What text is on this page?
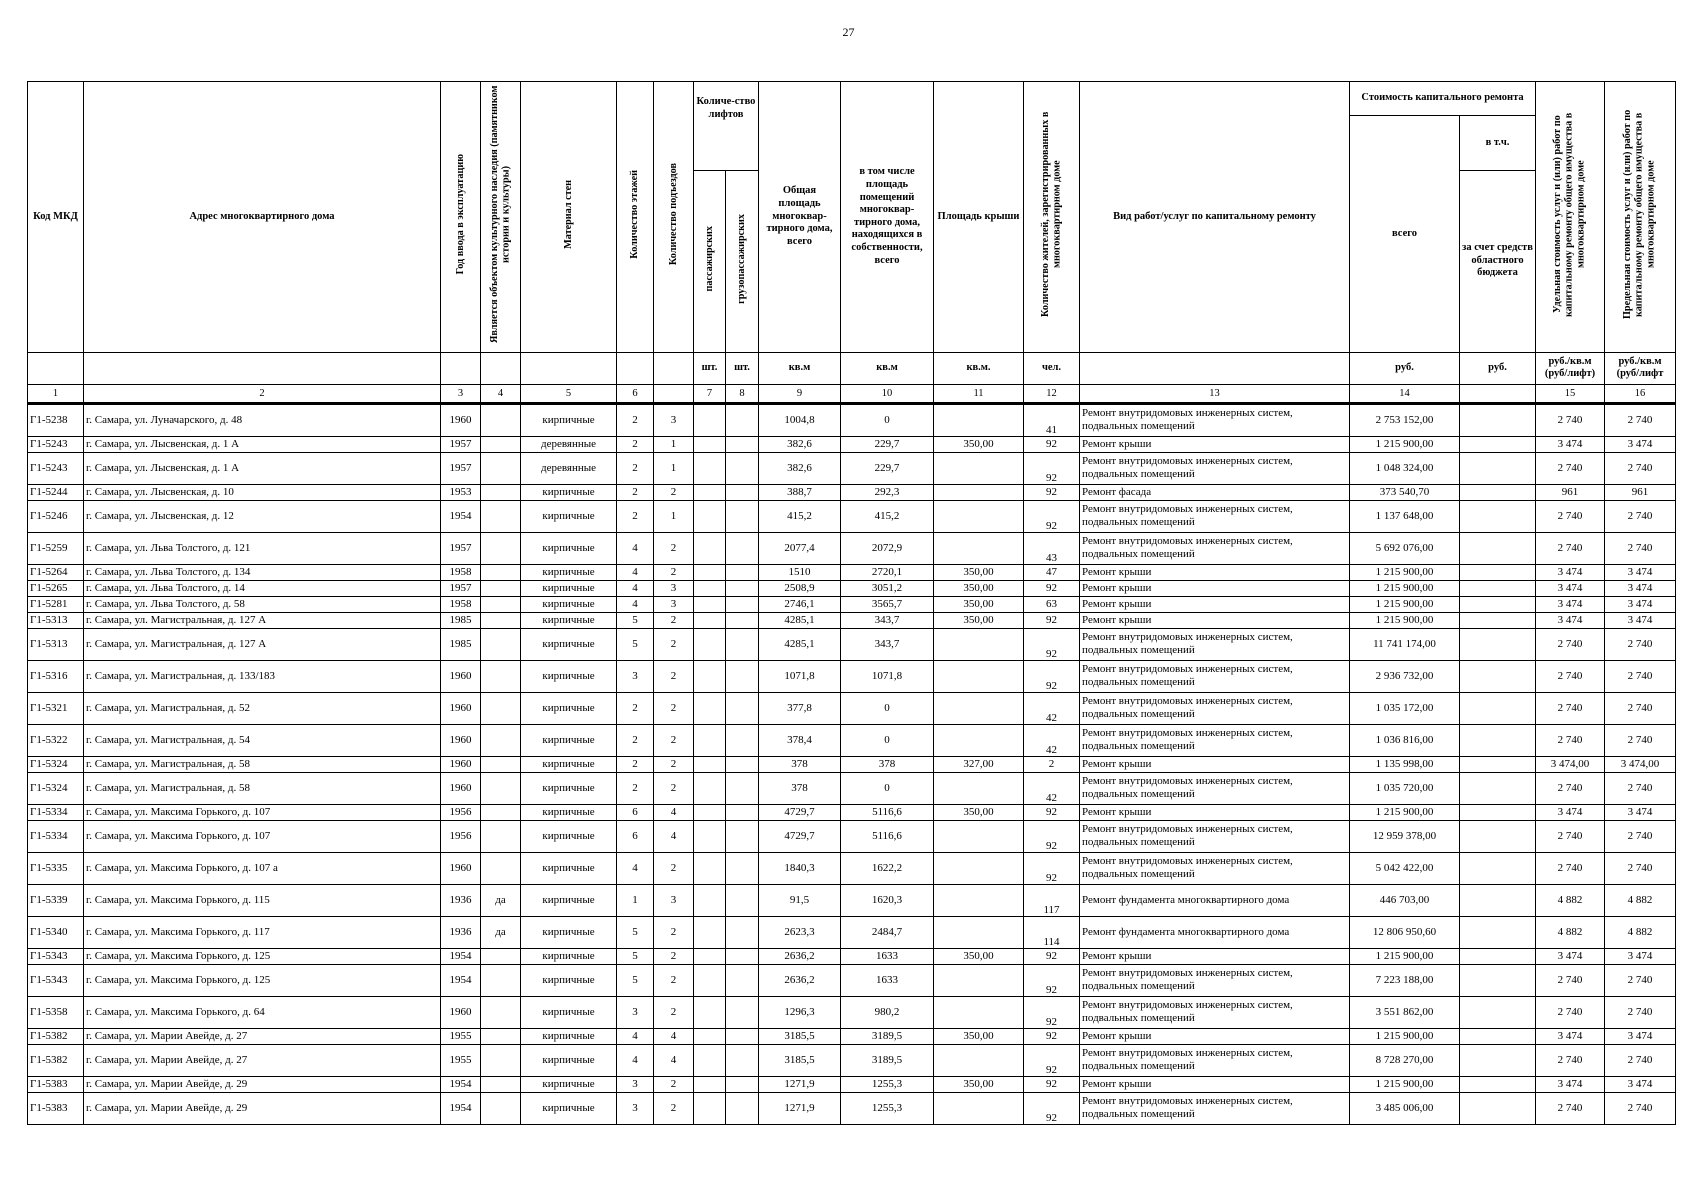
27
Код МКД	Адрес многоквартирного дома	Год ввода в эксплуатацию	Является объектом культурного наследия (памятником истории и культуры)	Материал стен	Количество этажей	Количество подъездов	Количе-ство лифтов		Общая площадь многоквар-тирного дома, всего	в том числе площадь помещений многоквар-тирного дома, находящихся в собственности, всего	Площадь крыши	Количество жителей, зарегистрированных в многоквартирном доме	Вид работ/услуг по капитальному ремонту	Стоимость капитального ремонта		Удельная стоимость услуг и (или) работ по капитальному ремонту общего имущества в многоквартирном доме	Предельная стоимость услуг и (или) работ по капитальному ремонту общего имущества в многоквартирном доме
														всего	в т.ч.		
							пассажирских	грузопассажирских							за счет средств областного бюджета		
							шт.	шт.	кв.м	кв.м	кв.м.	чел.		руб.	руб.	руб./кв.м (руб/лифт)	руб./кв.м (руб/лифт
1	2	3	4	5	6		7	8	9	10	11	12	13	14		15	16
Г1-5238	г. Самара, ул. Луначарского, д. 48	1960		кирпичные	2	3			1004,8	0		41	Ремонт внутридомовых инженерных систем, подвальных помещений	2 753 152,00		2 740	2 740
Г1-5243	г. Самара, ул. Лысвенская, д. 1 А	1957		деревянные	2	1			382,6	229,7	350,00	92	Ремонт крыши	1 215 900,00		3 474	3 474
Г1-5243	г. Самара, ул. Лысвенская, д. 1 А	1957		деревянные	2	1			382,6	229,7		92	Ремонт внутридомовых инженерных систем, подвальных помещений	1 048 324,00		2 740	2 740
Г1-5244	г. Самара, ул. Лысвенская, д. 10	1953		кирпичные	2	2			388,7	292,3		92	Ремонт фасада	373 540,70		961	961
Г1-5246	г. Самара, ул. Лысвенская, д. 12	1954		кирпичные	2	1			415,2	415,2		92	Ремонт внутридомовых инженерных систем, подвальных помещений	1 137 648,00		2 740	2 740
Г1-5259	г. Самара, ул. Льва Толстого, д. 121	1957		кирпичные	4	2			2077,4	2072,9		43	Ремонт внутридомовых инженерных систем, подвальных помещений	5 692 076,00		2 740	2 740
Г1-5264	г. Самара, ул. Льва Толстого, д. 134	1958		кирпичные	4	2			1510	2720,1	350,00	47	Ремонт крыши	1 215 900,00		3 474	3 474
Г1-5265	г. Самара, ул. Льва Толстого, д. 14	1957		кирпичные	4	3			2508,9	3051,2	350,00	92	Ремонт крыши	1 215 900,00		3 474	3 474
Г1-5281	г. Самара, ул. Льва Толстого, д. 58	1958		кирпичные	4	3			2746,1	3565,7	350,00	63	Ремонт крыши	1 215 900,00		3 474	3 474
Г1-5313	г. Самара, ул. Магистральная, д. 127 А	1985		кирпичные	5	2			4285,1	343,7	350,00	92	Ремонт крыши	1 215 900,00		3 474	3 474
Г1-5313	г. Самара, ул. Магистральная, д. 127 А	1985		кирпичные	5	2			4285,1	343,7		92	Ремонт внутридомовых инженерных систем, подвальных помещений	11 741 174,00		2 740	2 740
Г1-5316	г. Самара, ул. Магистральная, д. 133/183	1960		кирпичные	3	2			1071,8	1071,8		92	Ремонт внутридомовых инженерных систем, подвальных помещений	2 936 732,00		2 740	2 740
Г1-5321	г. Самара, ул. Магистральная, д. 52	1960		кирпичные	2	2			377,8	0		42	Ремонт внутридомовых инженерных систем, подвальных помещений	1 035 172,00		2 740	2 740
Г1-5322	г. Самара, ул. Магистральная, д. 54	1960		кирпичные	2	2			378,4	0		42	Ремонт внутридомовых инженерных систем, подвальных помещений	1 036 816,00		2 740	2 740
Г1-5324	г. Самара, ул. Магистральная, д. 58	1960		кирпичные	2	2			378	378	327,00	2	Ремонт крыши	1 135 998,00		3 474,00	3 474,00
Г1-5324	г. Самара, ул. Магистральная, д. 58	1960		кирпичные	2	2			378	0		42	Ремонт внутридомовых инженерных систем, подвальных помещений	1 035 720,00		2 740	2 740
Г1-5334	г. Самара, ул. Максима Горького, д. 107	1956		кирпичные	6	4			4729,7	5116,6	350,00	92	Ремонт крыши	1 215 900,00		3 474	3 474
Г1-5334	г. Самара, ул. Максима Горького, д. 107	1956		кирпичные	6	4			4729,7	5116,6		92	Ремонт внутридомовых инженерных систем, подвальных помещений	12 959 378,00		2 740	2 740
Г1-5335	г. Самара, ул. Максима Горького, д. 107 а	1960		кирпичные	4	2			1840,3	1622,2		92	Ремонт внутридомовых инженерных систем, подвальных помещений	5 042 422,00		2 740	2 740
Г1-5339	г. Самара, ул. Максима Горького, д. 115	1936	да	кирпичные	1	3			91,5	1620,3		117	Ремонт фундамента многоквартирного дома	446 703,00		4 882	4 882
Г1-5340	г. Самара, ул. Максима Горького, д. 117	1936	да	кирпичные	5	2			2623,3	2484,7		114	Ремонт фундамента многоквартирного дома	12 806 950,60		4 882	4 882
Г1-5343	г. Самара, ул. Максима Горького, д. 125	1954		кирпичные	5	2			2636,2	1633	350,00	92	Ремонт крыши	1 215 900,00		3 474	3 474
Г1-5343	г. Самара, ул. Максима Горького, д. 125	1954		кирпичные	5	2			2636,2	1633		92	Ремонт внутридомовых инженерных систем, подвальных помещений	7 223 188,00		2 740	2 740
Г1-5358	г. Самара, ул. Максима Горького, д. 64	1960		кирпичные	3	2			1296,3	980,2		92	Ремонт внутридомовых инженерных систем, подвальных помещений	3 551 862,00		2 740	2 740
Г1-5382	г. Самара, ул. Марии Авейде, д. 27	1955		кирпичные	4	4			3185,5	3189,5	350,00	92	Ремонт крыши	1 215 900,00		3 474	3 474
Г1-5382	г. Самара, ул. Марии Авейде, д. 27	1955		кирпичные	4	4			3185,5	3189,5		92	Ремонт внутридомовых инженерных систем, подвальных помещений	8 728 270,00		2 740	2 740
Г1-5383	г. Самара, ул. Марии Авейде, д. 29	1954		кирпичные	3	2			1271,9	1255,3	350,00	92	Ремонт крыши	1 215 900,00		3 474	3 474
Г1-5383	г. Самара, ул. Марии Авейде, д. 29	1954		кирпичные	3	2			1271,9	1255,3		92	Ремонт внутридомовых инженерных систем, подвальных помещений	3 485 006,00		2 740	2 740
